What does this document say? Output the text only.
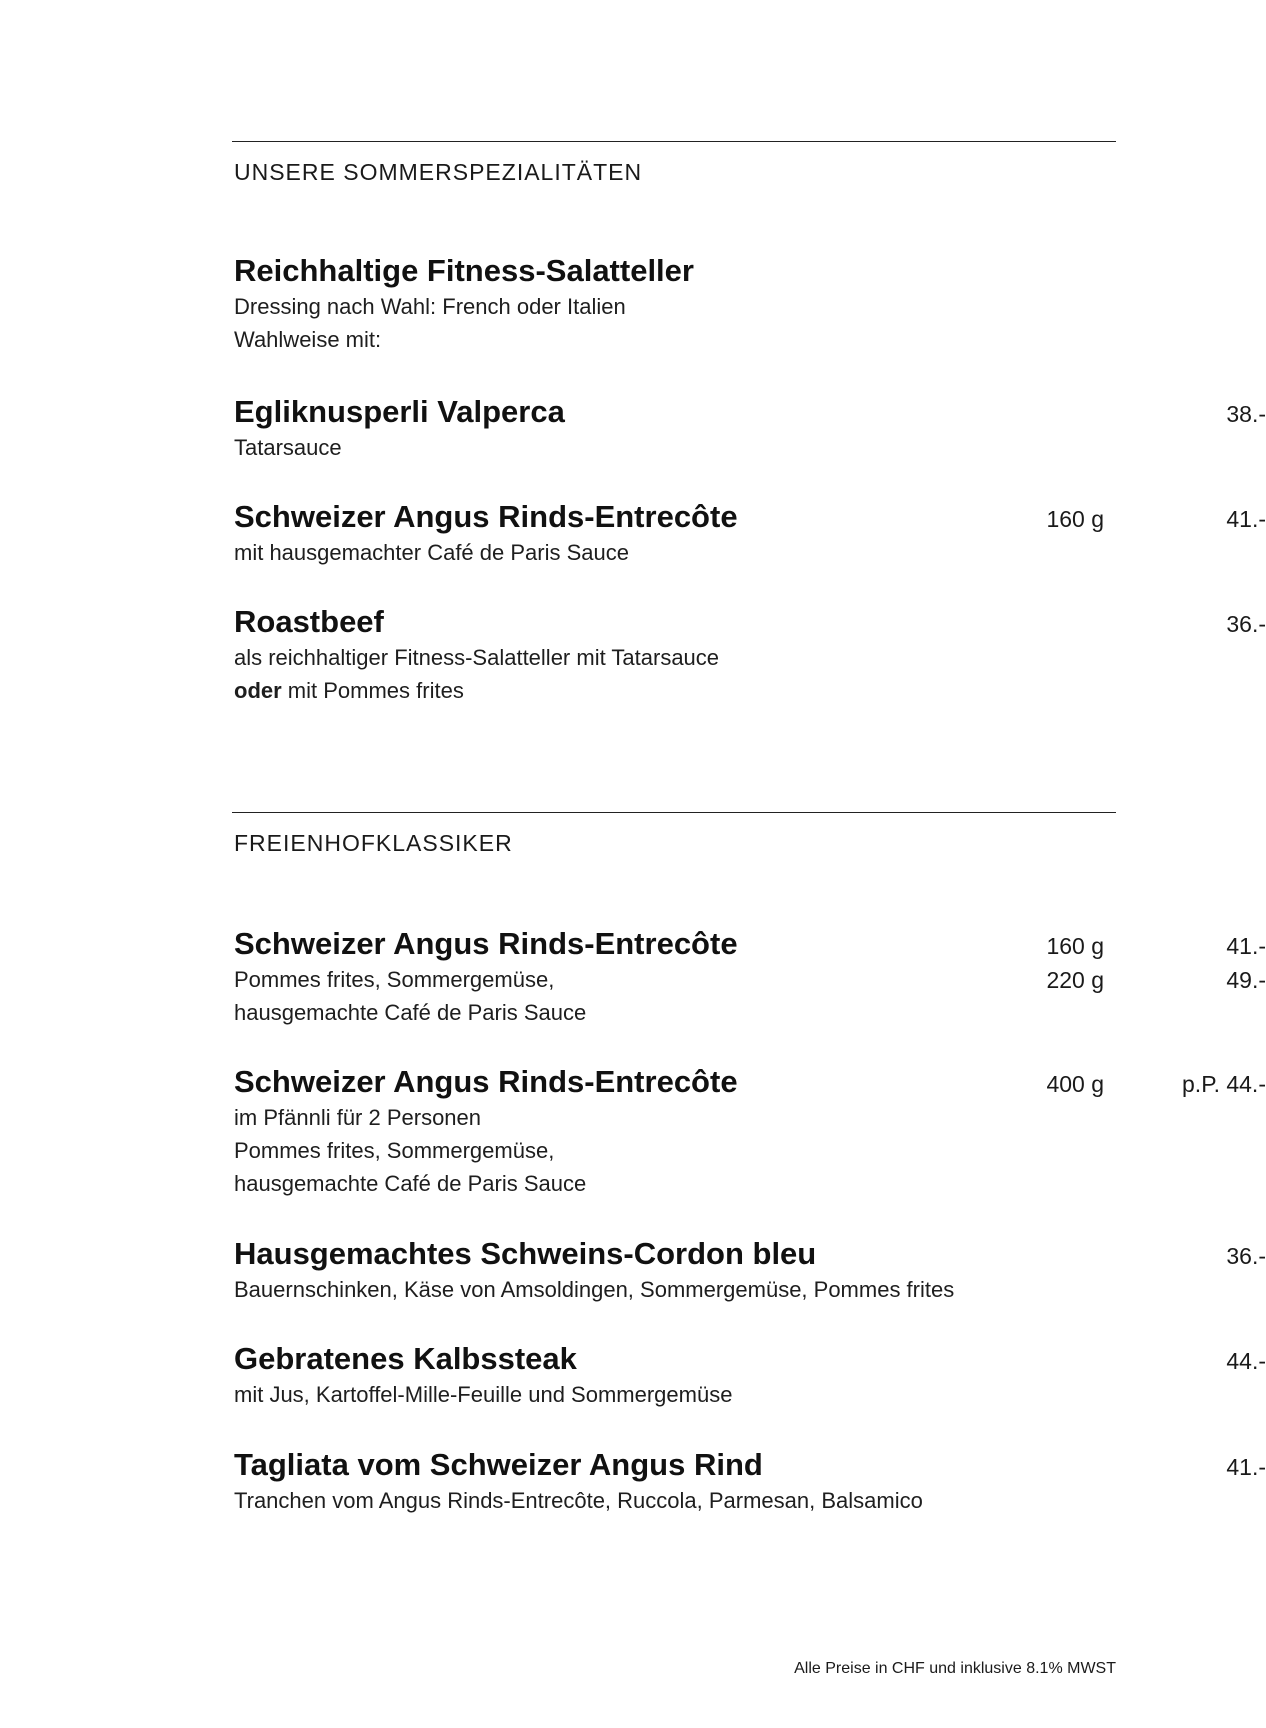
UNSERE SOMMERSPEZIALITÄTEN
Reichhaltige Fitness-Salatteller
Dressing nach Wahl: French oder Italien
Wahlweise mit:
Egliknusperli Valperca
Tatarsauce
38.-
Schweizer Angus Rinds-Entrecôte
mit hausgemachter Café de Paris Sauce
160 g	41.-
Roastbeef
als reichhaltiger Fitness-Salatteller mit Tatarsauce
oder mit Pommes frites
36.-
FREIENHOFKLASSIKER
Schweizer Angus Rinds-Entrecôte
Pommes frites, Sommergemüse,
hausgemachte Café de Paris Sauce
160 g	41.-
220 g	49.-
Schweizer Angus Rinds-Entrecôte
im Pfännli für 2 Personen
Pommes frites, Sommergemüse,
hausgemachte Café de Paris Sauce
400 g	p.P. 44.-
Hausgemachtes Schweins-Cordon bleu
Bauernschinken, Käse von Amsoldingen, Sommergemüse, Pommes frites
36.-
Gebratenes Kalbssteak
mit Jus, Kartoffel-Mille-Feuille und Sommergemüse
44.-
Tagliata vom Schweizer Angus Rind
Tranchen vom Angus Rinds-Entrecôte, Ruccola, Parmesan, Balsamico
41.-
Alle Preise in CHF und inklusive 8.1% MWST
